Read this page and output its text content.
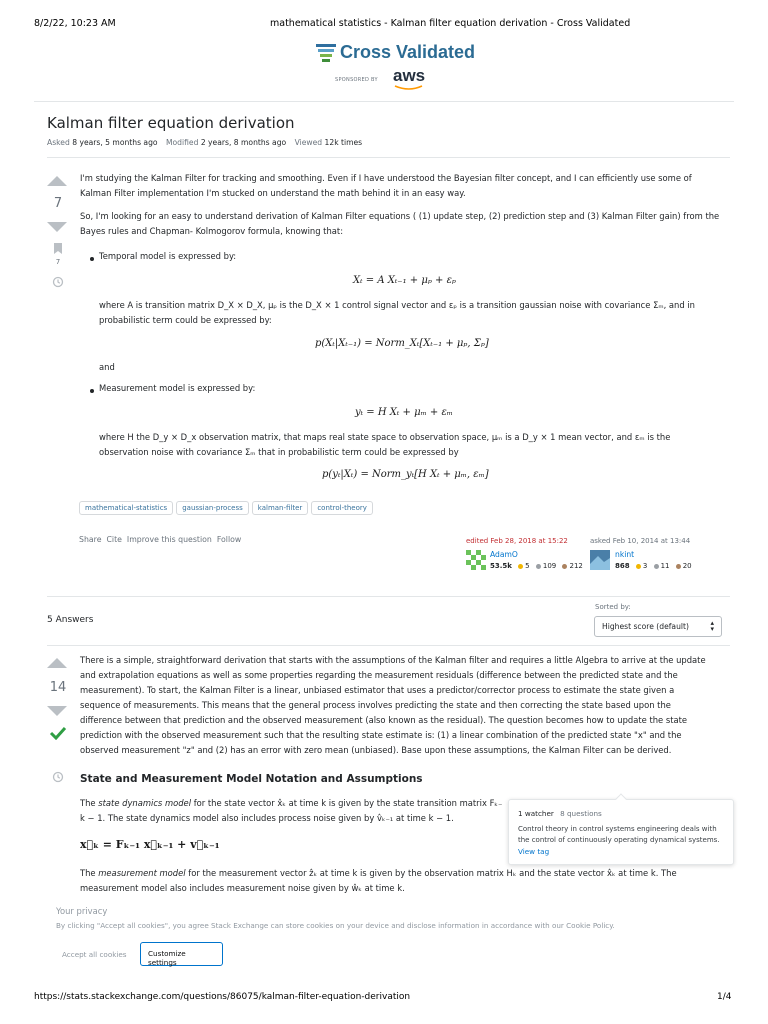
8/2/22, 10:23 AM	mathematical statistics - Kalman filter equation derivation - Cross Validated
Cross Validated
SPONSORED BY aws
Kalman filter equation derivation
Asked 8 years, 5 months ago Modified 2 years, 8 months ago Viewed 12k times
7
7
I'm studying the Kalman Filter for tracking and smoothing. Even if I have understood the Bayesian filter concept, and I can efficiently use some of Kalman Filter implementation I'm stucked on understand the math behind it in an easy way.
So, I'm looking for an easy to understand derivation of Kalman Filter equations ( (1) update step, (2) prediction step and (3) Kalman Filter gain) from the Bayes rules and Chapman- Kolmogorov formula, knowing that:
Temporal model is expressed by:
Xₜ = A Xₜ₋₁ + μₚ + εₚ
where A is transition matrix D_X × D_X, μₚ is the D_X × 1 control signal vector and εₚ is a transition gaussian noise with covariance Σₘ, and in probabilistic term could be expressed by:
p(Xₜ|Xₜ₋₁) = Norm_Xₜ[Xₜ₋₁ + μₚ, Σₚ]
and
Measurement model is expressed by:
yₜ = H Xₜ + μₘ + εₘ
where H the D_y × D_x observation matrix, that maps real state space to observation space, μₘ is a D_y × 1 mean vector, and εₘ is the observation noise with covariance Σₘ that in probabilistic term could be expressed by
p(yₜ|Xₜ) = Norm_yₜ[H Xₜ + μₘ, εₘ]
mathematical-statistics gaussian-process kalman-filter control-theory
Share Cite Improve this question Follow	edited Feb 28, 2018 at 15:22
AdamO
53.5k 5 109 212
asked Feb 10, 2014 at 13:44
nkint
868 3 11 20
5 Answers
Sorted by:
Highest score (default)	▴
▾
14
There is a simple, straightforward derivation that starts with the assumptions of the Kalman filter and requires a little Algebra to arrive at the update and extrapolation equations as well as some properties regarding the measurement residuals (difference between the predicted state and the measurement). To start, the Kalman Filter is a linear, unbiased estimator that uses a predictor/corrector process to estimate the state given a sequence of measurements. This means that the general process involves predicting the state and then correcting the state based upon the difference between that prediction and the observed measurement (also known as the residual). The question becomes how to update the state prediction with the observed measurement such that the resulting state estimate is: (1) a linear combination of the predicted state "x" and the observed measurement "z" and (2) has an error with zero mean (unbiased). Base upon these assumptions, the Kalman Filter can be derived.
State and Measurement Model Notation and Assumptions
The state dynamics model for the state vector x̂ₖ at time k is given by the state transition matrix Fₖ₋
k − 1. The state dynamics model also includes process noise given by v̂ₖ₋₁ at time k − 1.
x⃗ₖ = Fₖ₋₁ x⃗ₖ₋₁ + v⃗ₖ₋₁
The measurement model for the measurement vector ẑₖ at time k is given by the observation matrix Hₖ and the state vector x̂ₖ at time k. The
measurement model also includes measurement noise given by ŵₖ at time k.
1 watcher 8 questions
Control theory in control systems engineering deals with the control of continuously operating dynamical systems.
View tag
Your privacy
By clicking "Accept all cookies", you agree Stack Exchange can store cookies on your device and disclose information in accordance with our Cookie Policy.
Accept all cookies	Customize settings
https://stats.stackexchange.com/questions/86075/kalman-filter-equation-derivation	1/4
